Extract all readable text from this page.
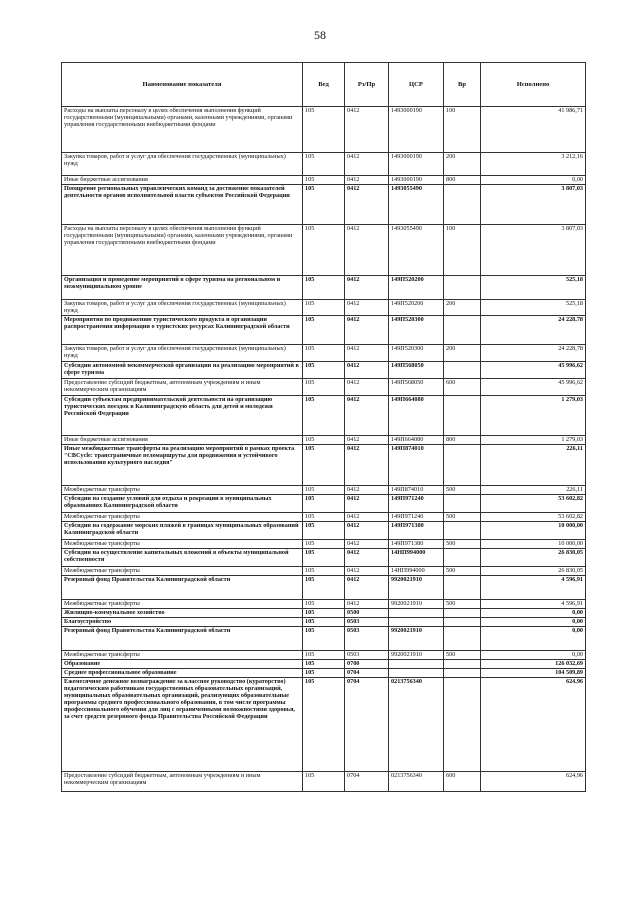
58
Наименование показателя	Вед	Рз/Пр	ЦСР	Вр	Исполнено
Расходы на выплаты персоналу в целях обеспечения выполнения функций государственными (муниципальными) органами, казенными учреждениями, органами управления государственными внебюджетными фондами	105	0412	1493000190	100	41 986,71
Закупка товаров, работ и услуг для обеспечения государственных (муниципальных) нужд	105	0412	1493000190	200	3 212,16
Иные бюджетные ассигнования	105	0412	1493000190	800	0,00
Поощрение региональных управленческих команд за достижение показателей деятельности органов исполнительной власти субъектов Российской Федерации	105	0412	1493055490		3 807,03
Расходы на выплаты персоналу в целях обеспечения выполнения функций государственными (муниципальными) органами, казенными учреждениями, органами управления государственными внебюджетными фондами	105	0412	1493055490	100	3 807,03
Организация и проведение мероприятий в сфере туризма на региональном и межмуниципальном уровне	105	0412	149П520200		525,18
Закупка товаров, работ и услуг для обеспечения государственных (муниципальных) нужд	105	0412	149П520200	200	525,18
Мероприятия по продвижению туристического продукта и организации распространения информации о туристских ресурсах Калининградской области	105	0412	149П520300		24 228,78
Закупка товаров, работ и услуг для обеспечения государственных (муниципальных) нужд	105	0412	149П520300	200	24 228,78
Субсидии автономной некоммерческой организации на реализацию мероприятий в сфере туризма	105	0412	149П568050		45 996,62
Предоставление субсидий бюджетным, автономным учреждениям и иным некоммерческим организациям	105	0412	149П568050	600	45 996,62
Субсидии субъектам предпринимательской деятельности на организацию туристических поездок в Калининградскую область для детей и молодежи Российской Федерации	105	0412	149П664080		1 279,03
Иные бюджетные ассигнования	105	0412	149П664080	800	1 279,03
Иные межбюджетные трансферты на реализацию мероприятий в рамках проекта "СВCycle: трансграничные веломаршруты для продвижения и устойчивого использования культурного наследия"	105	0412	149П874010		226,11
Межбюджетные трансферты	105	0412	149П874010	500	226,11
Субсидии на создание условий для отдыха и рекреации в муниципальных образованиях Калининградской области	105	0412	149П971240		53 602,82
Межбюджетные трансферты	105	0412	149П971240	500	53 602,82
Субсидии на содержание морских пляжей в границах муниципальных образований Калининградской области	105	0412	149П971380		10 000,00
Межбюджетные трансферты	105	0412	149П971380	500	10 000,00
Субсидии на осуществление капитальных вложений в объекты муниципальной собственности	105	0412	14НП994000		26 830,05
Межбюджетные трансферты	105	0412	14НП994000	500	26 830,05
Резервный фонд Правительства Калининградской области	105	0412	9920021910		4 596,91
Межбюджетные трансферты	105	0412	9920021910	500	4 596,91
Жилищно-коммунальное хозяйство	105	0500			0,00
Благоустройство	105	0503			0,00
Резервный фонд Правительства Калининградской области	105	0503	9920021910		0,00
Межбюджетные трансферты	105	0503	9920021910	500	0,00
Образование	105	0700			126 032,69
Среднее профессиональное образование	105	0704			104 509,89
Ежемесячное денежное вознаграждение за классное руководство (кураторство) педагогическим работникам государственных образовательных организаций, муниципальных образовательных организаций, реализующих образовательные программы среднего профессионального образования, в том числе программы профессионального обучения для лиц с ограниченными возможностями здоровья, за счет средств резервного фонда Правительства Российской Федерации	105	0704	0213756340		624,96
Предоставление субсидий бюджетным, автономным учреждениям и иным некоммерческим организациям	105	0704	0213756340	600	624,96
